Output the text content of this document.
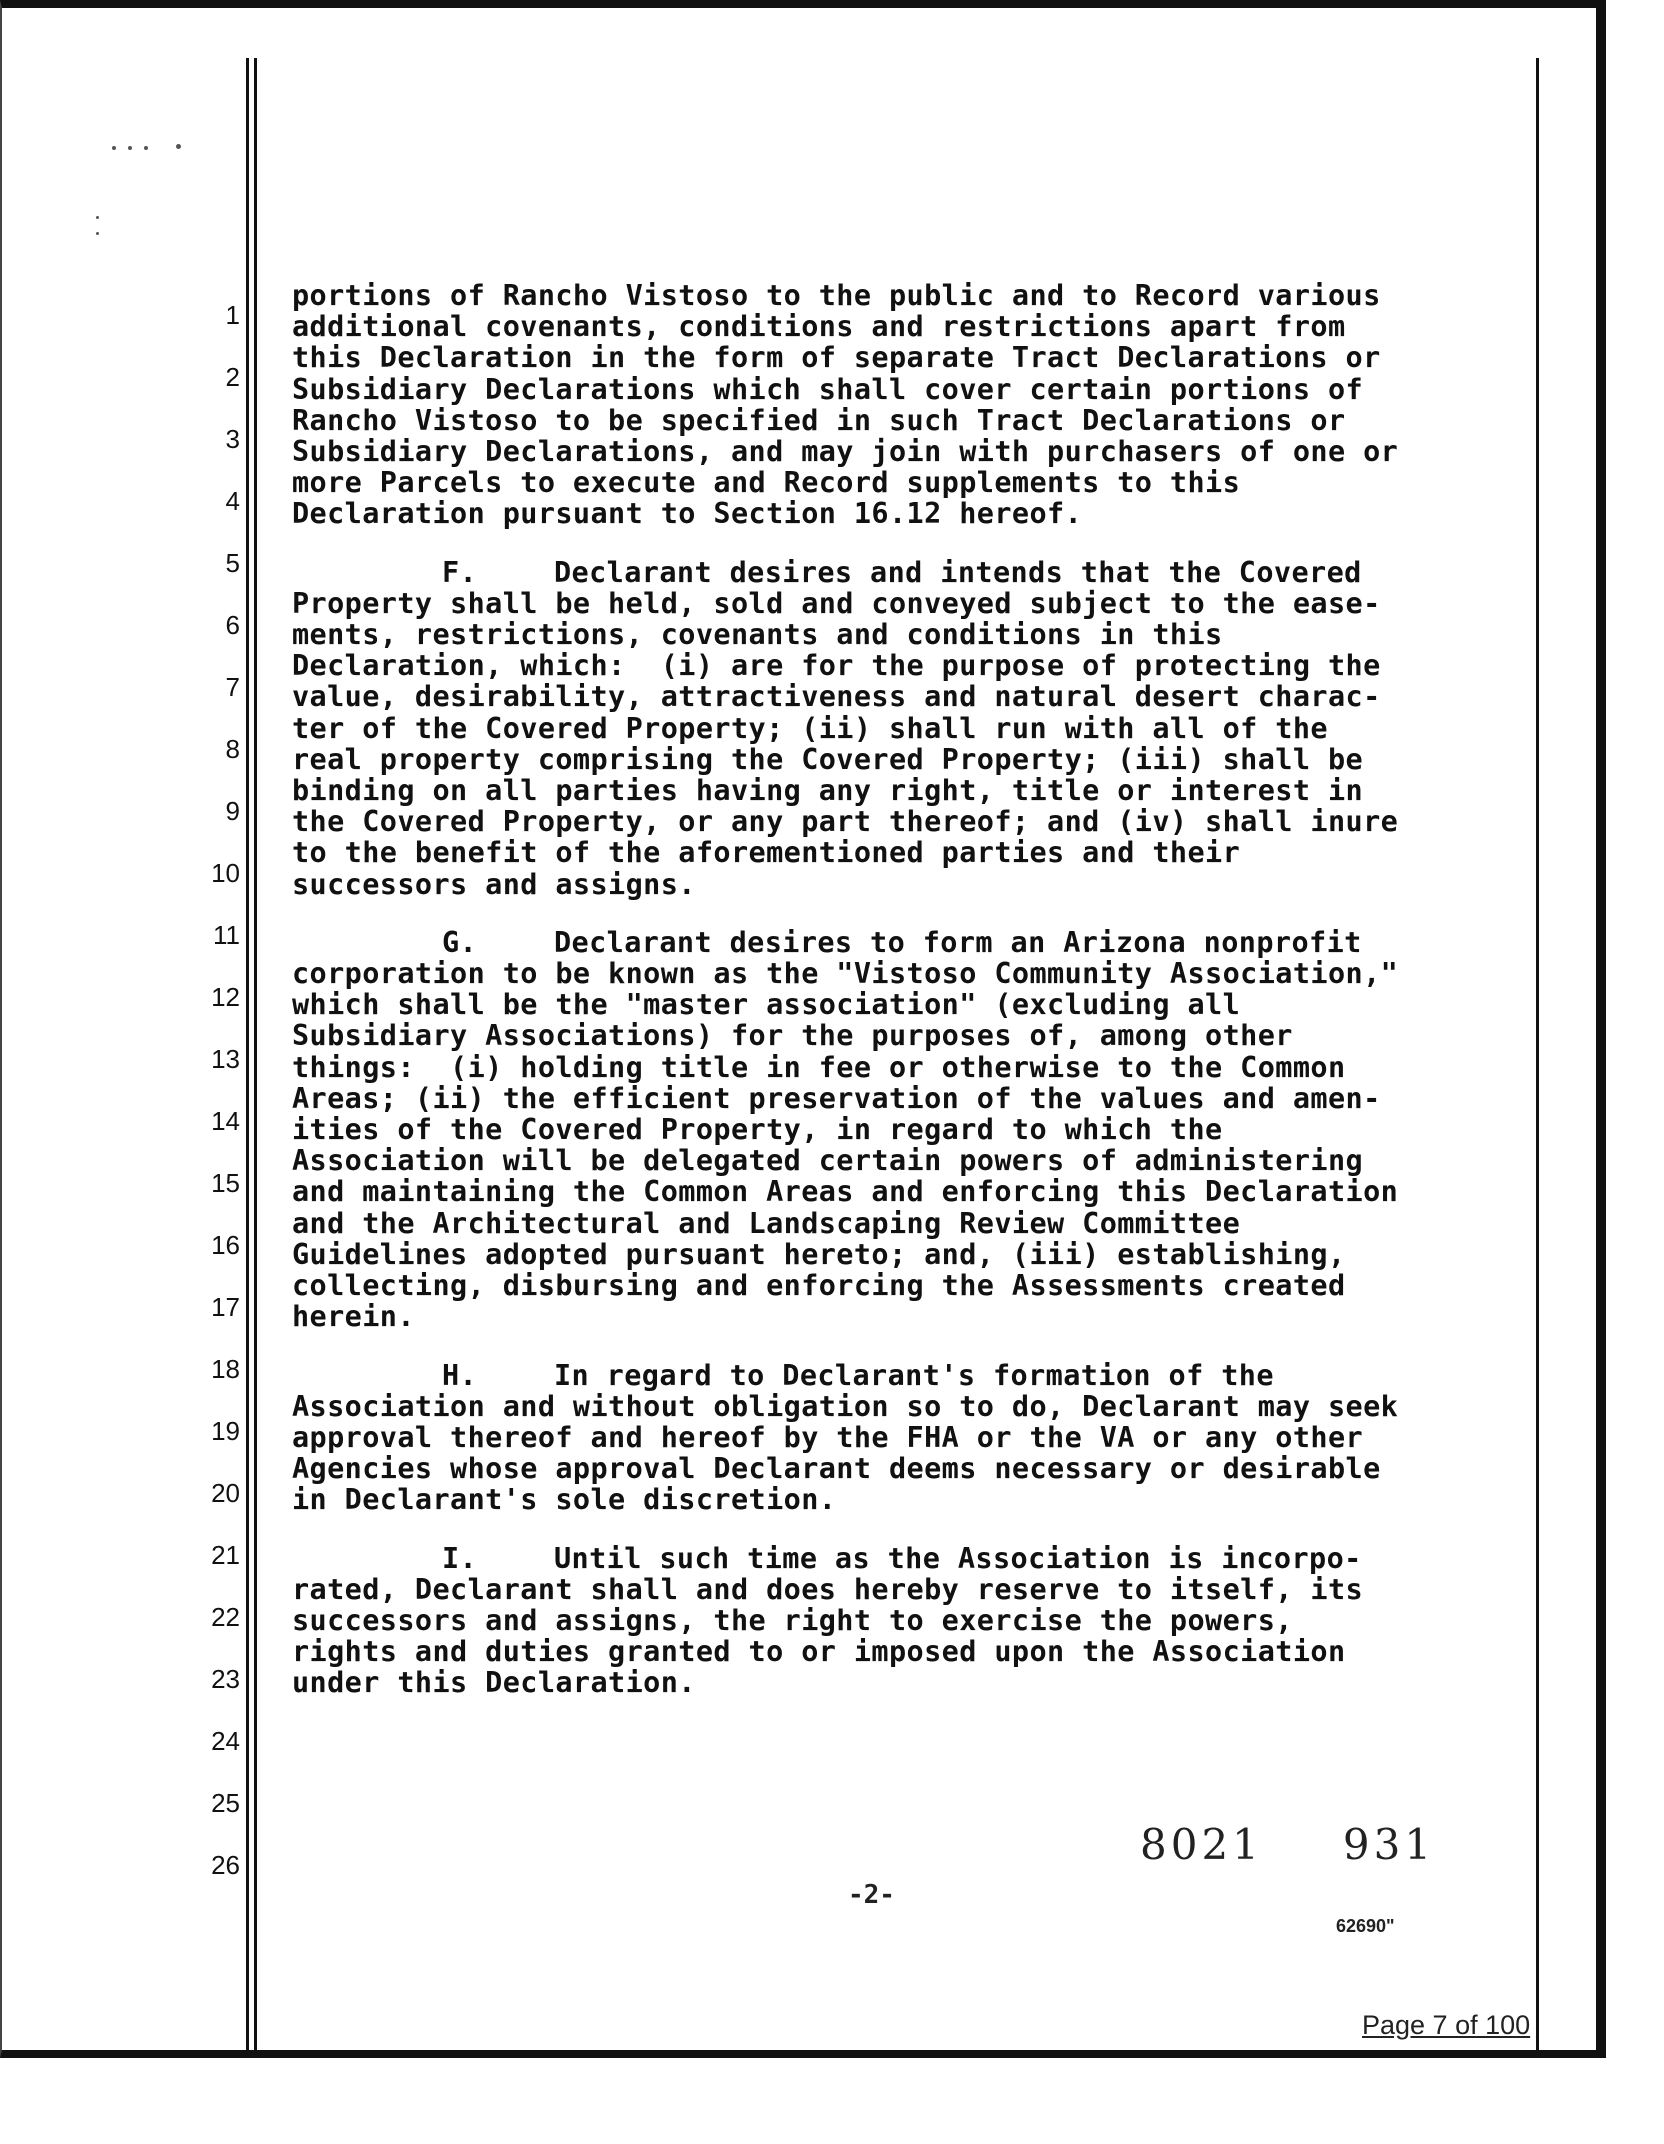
1
2
3
4
5
6
7
8
9
10
11
12
13
14
15
16
17
18
19
20
21
22
23
24
25
26
portions of Rancho Vistoso to the public and to Record various
additional covenants, conditions and restrictions apart from
this Declaration in the form of separate Tract Declarations or
Subsidiary Declarations which shall cover certain portions of
Rancho Vistoso to be specified in such Tract Declarations or
Subsidiary Declarations, and may join with purchasers of one or
more Parcels to execute and Record supplements to this
Declaration pursuant to Section 16.12 hereof.
F.	Declarant desires and intends that the Covered
Property shall be held, sold and conveyed subject to the ease-
ments, restrictions, covenants and conditions in this
Declaration, which:  (i) are for the purpose of protecting the
value, desirability, attractiveness and natural desert charac-
ter of the Covered Property; (ii) shall run with all of the
real property comprising the Covered Property; (iii) shall be
binding on all parties having any right, title or interest in
the Covered Property, or any part thereof; and (iv) shall inure
to the benefit of the aforementioned parties and their
successors and assigns.
G.	Declarant desires to form an Arizona nonprofit
corporation to be known as the "Vistoso Community Association,"
which shall be the "master association" (excluding all
Subsidiary Associations) for the purposes of, among other
things:  (i) holding title in fee or otherwise to the Common
Areas; (ii) the efficient preservation of the values and amen-
ities of the Covered Property, in regard to which the
Association will be delegated certain powers of administering
and maintaining the Common Areas and enforcing this Declaration
and the Architectural and Landscaping Review Committee
Guidelines adopted pursuant hereto; and, (iii) establishing,
collecting, disbursing and enforcing the Assessments created
herein.
H.	In regard to Declarant's formation of the
Association and without obligation so to do, Declarant may seek
approval thereof and hereof by the FHA or the VA or any other
Agencies whose approval Declarant deems necessary or desirable
in Declarant's sole discretion.
I.	Until such time as the Association is incorpo-
rated, Declarant shall and does hereby reserve to itself, its
successors and assigns, the right to exercise the powers,
rights and duties granted to or imposed upon the Association
under this Declaration.
8021 931
-2-
62690"
Page 7 of 100
